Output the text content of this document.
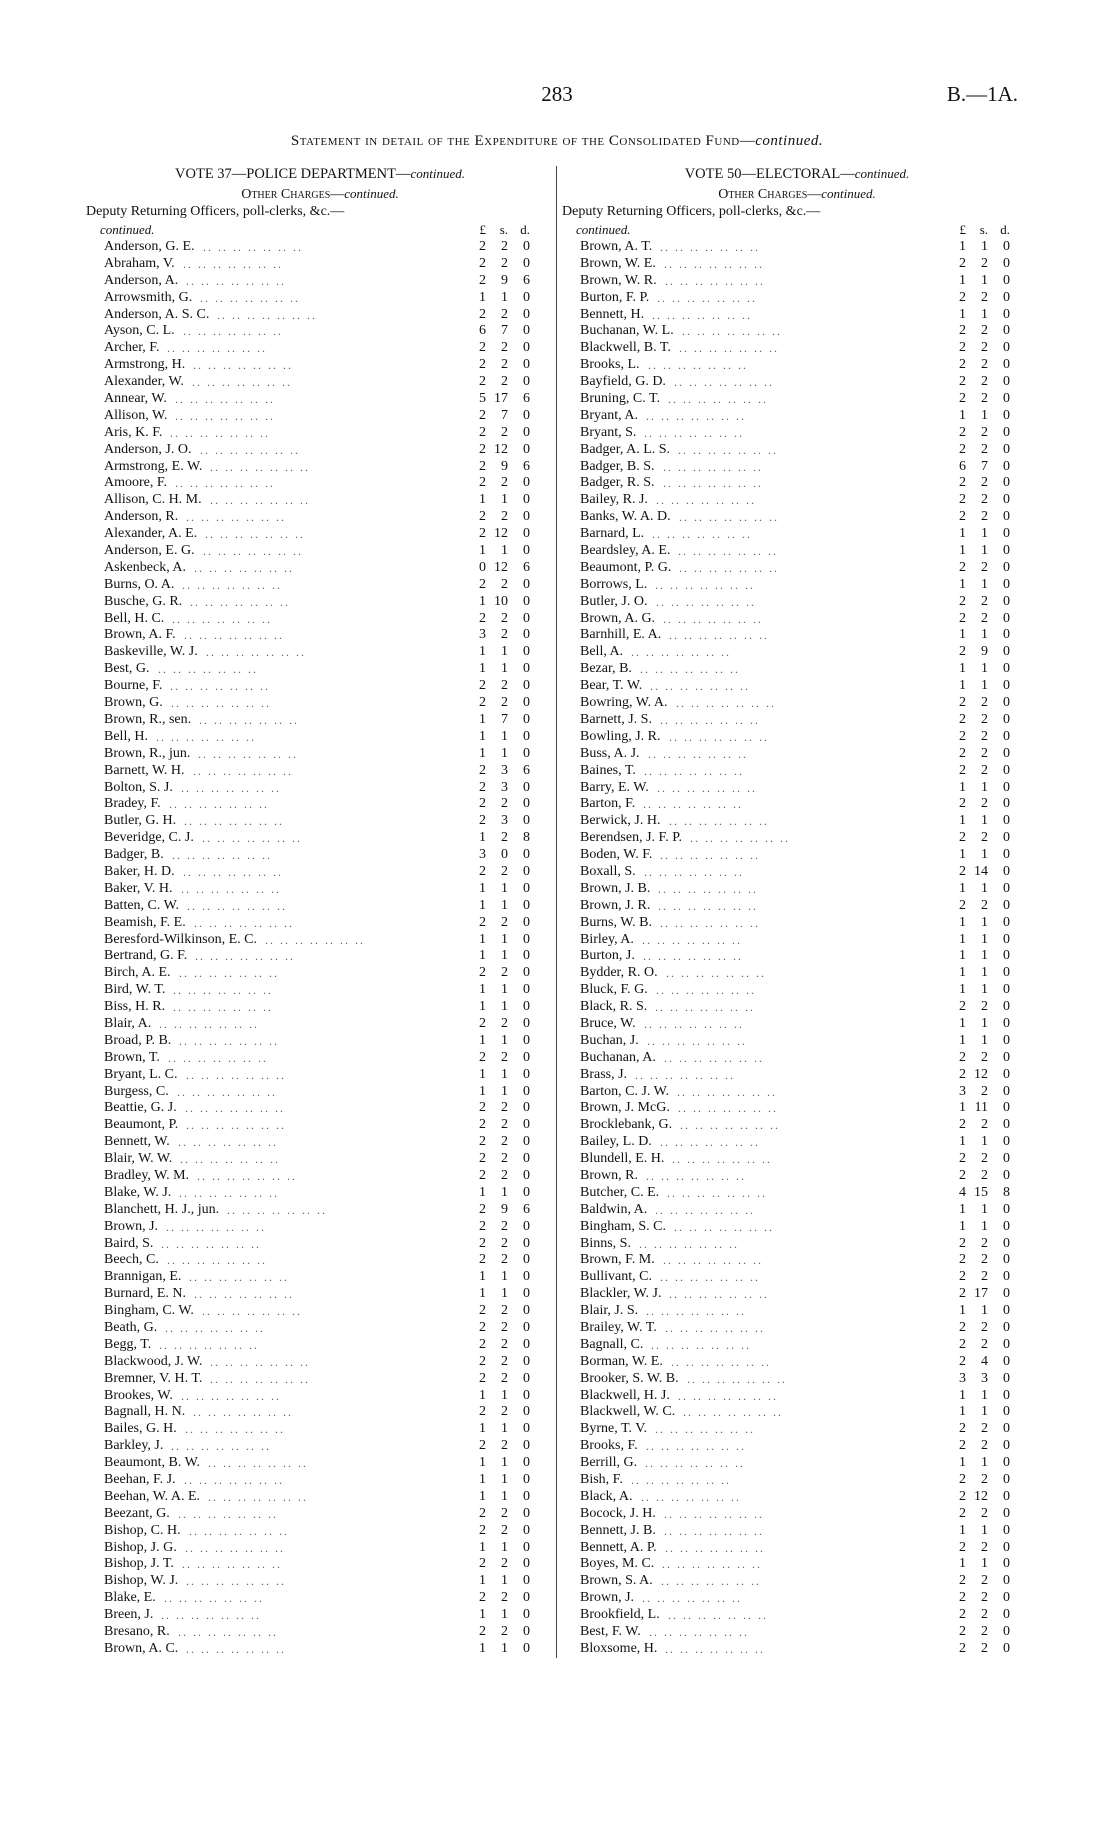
283	B.—1A.
Statement in detail of the Expenditure of the Consolidated Fund—continued.
VOTE 37—POLICE DEPARTMENT—continued.
Other Charges—continued.
Deputy Returning Officers, poll-clerks, &c.—
continued.	£	s. d.
Anderson, G. E. .. .. .. .. .. .. ..	2	2	0
Abraham, V. .. .. .. .. .. .. ..	2	2	0
Anderson, A. .. .. .. .. .. .. ..	2	9	6
Arrowsmith, G. .. .. .. .. .. .. ..	1	1	0
Anderson, A. S. C. .. .. .. .. .. .. ..	2	2	0
Ayson, C. L. .. .. .. .. .. .. ..	6	7	0
Archer, F. .. .. .. .. .. .. ..	2	2	0
Armstrong, H. .. .. .. .. .. .. ..	2	2	0
Alexander, W. .. .. .. .. .. .. ..	2	2	0
Annear, W. .. .. .. .. .. .. ..	5 17	6
Allison, W. .. .. .. .. .. .. ..	2	7	0
Aris, K. F. .. .. .. .. .. .. ..	2	2	0
Anderson, J. O. .. .. .. .. .. .. ..	2 12	0
Armstrong, E. W. .. .. .. .. .. .. ..	2	9	6
Amoore, F. .. .. .. .. .. .. ..	2	2	0
Allison, C. H. M. .. .. .. .. .. .. ..	1	1	0
Anderson, R. .. .. .. .. .. .. ..	2	2	0
Alexander, A. E. .. .. .. .. .. .. ..	2 12	0
Anderson, E. G. .. .. .. .. .. .. ..	1	1	0
Askenbeck, A. .. .. .. .. .. .. ..	0 12	6
Burns, O. A. .. .. .. .. .. .. ..	2	2	0
Busche, G. R. .. .. .. .. .. .. ..	1 10	0
Bell, H. C. .. .. .. .. .. .. ..	2	2	0
Brown, A. F. .. .. .. .. .. .. ..	3	2	0
Baskeville, W. J. .. .. .. .. .. .. ..	1	1	0
Best, G. .. .. .. .. .. .. ..	1	1	0
Bourne, F. .. .. .. .. .. .. ..	2	2	0
Brown, G. .. .. .. .. .. .. ..	2	2	0
Brown, R., sen. .. .. .. .. .. .. ..	1	7	0
Bell, H. .. .. .. .. .. .. ..	1	1	0
Brown, R., jun. .. .. .. .. .. .. ..	1	1	0
Barnett, W. H. .. .. .. .. .. .. ..	2	3	6
Bolton, S. J. .. .. .. .. .. .. ..	2	3	0
Bradey, F. .. .. .. .. .. .. ..	2	2	0
Butler, G. H. .. .. .. .. .. .. ..	2	3	0
Beveridge, C. J. .. .. .. .. .. .. ..	1	2	8
Badger, B. .. .. .. .. .. .. ..	3	0	0
Baker, H. D. .. .. .. .. .. .. ..	2	2	0
Baker, V. H. .. .. .. .. .. .. ..	1	1	0
Batten, C. W. .. .. .. .. .. .. ..	1	1	0
Beamish, F. E. .. .. .. .. .. .. ..	2	2	0
Beresford-Wilkinson, E. C. .. .. .. .. .. .. ..	1	1	0
Bertrand, G. F. .. .. .. .. .. .. ..	1	1	0
Birch, A. E. .. .. .. .. .. .. ..	2	2	0
Bird, W. T. .. .. .. .. .. .. ..	1	1	0
Biss, H. R. .. .. .. .. .. .. ..	1	1	0
Blair, A. .. .. .. .. .. .. ..	2	2	0
Broad, P. B. .. .. .. .. .. .. ..	1	1	0
Brown, T. .. .. .. .. .. .. ..	2	2	0
Bryant, L. C. .. .. .. .. .. .. ..	1	1	0
Burgess, C. .. .. .. .. .. .. ..	1	1	0
Beattie, G. J. .. .. .. .. .. .. ..	2	2	0
Beaumont, P. .. .. .. .. .. .. ..	2	2	0
Bennett, W. .. .. .. .. .. .. ..	2	2	0
Blair, W. W. .. .. .. .. .. .. ..	2	2	0
Bradley, W. M. .. .. .. .. .. .. ..	2	2	0
Blake, W. J. .. .. .. .. .. .. ..	1	1	0
Blanchett, H. J., jun. .. .. .. .. .. .. ..	2	9	6
Brown, J. .. .. .. .. .. .. ..	2	2	0
Baird, S. .. .. .. .. .. .. ..	2	2	0
Beech, C. .. .. .. .. .. .. ..	2	2	0
Brannigan, E. .. .. .. .. .. .. ..	1	1	0
Burnard, E. N. .. .. .. .. .. .. ..	1	1	0
Bingham, C. W. .. .. .. .. .. .. ..	2	2	0
Beath, G. .. .. .. .. .. .. ..	2	2	0
Begg, T. .. .. .. .. .. .. ..	2	2	0
Blackwood, J. W. .. .. .. .. .. .. ..	2	2	0
Bremner, V. H. T. .. .. .. .. .. .. ..	2	2	0
Brookes, W. .. .. .. .. .. .. ..	1	1	0
Bagnall, H. N. .. .. .. .. .. .. ..	2	2	0
Bailes, G. H. .. .. .. .. .. .. ..	1	1	0
Barkley, J. .. .. .. .. .. .. ..	2	2	0
Beaumont, B. W. .. .. .. .. .. .. ..	1	1	0
Beehan, F. J. .. .. .. .. .. .. ..	1	1	0
Beehan, W. A. E. .. .. .. .. .. .. ..	1	1	0
Beezant, G. .. .. .. .. .. .. ..	2	2	0
Bishop, C. H. .. .. .. .. .. .. ..	2	2	0
Bishop, J. G. .. .. .. .. .. .. ..	1	1	0
Bishop, J. T. .. .. .. .. .. .. ..	2	2	0
Bishop, W. J. .. .. .. .. .. .. ..	1	1	0
Blake, E. .. .. .. .. .. .. ..	2	2	0
Breen, J. .. .. .. .. .. .. ..	1	1	0
Bresano, R. .. .. .. .. .. .. ..	2	2	0
Brown, A. C. .. .. .. .. .. .. ..	1	1	0
VOTE 50—ELECTORAL—continued.
Other Charges—continued.
Deputy Returning Officers, poll-clerks, &c.—
continued.	£	s. d.
Brown, A. T. .. .. .. .. .. .. ..	1	1	0
Brown, W. E. .. .. .. .. .. .. ..	2	2	0
Brown, W. R. .. .. .. .. .. .. ..	1	1	0
Burton, F. P. .. .. .. .. .. .. ..	2	2	0
Bennett, H. .. .. .. .. .. .. ..	1	1	0
Buchanan, W. L. .. .. .. .. .. .. ..	2	2	0
Blackwell, B. T. .. .. .. .. .. .. ..	2	2	0
Brooks, L. .. .. .. .. .. .. ..	2	2	0
Bayfield, G. D. .. .. .. .. .. .. ..	2	2	0
Bruning, C. T. .. .. .. .. .. .. ..	2	2	0
Bryant, A. .. .. .. .. .. .. ..	1	1	0
Bryant, S. .. .. .. .. .. .. ..	2	2	0
Badger, A. L. S. .. .. .. .. .. .. ..	2	2	0
Badger, B. S. .. .. .. .. .. .. ..	6	7	0
Badger, R. S. .. .. .. .. .. .. ..	2	2	0
Bailey, R. J. .. .. .. .. .. .. ..	2	2	0
Banks, W. A. D. .. .. .. .. .. .. ..	2	2	0
Barnard, L. .. .. .. .. .. .. ..	1	1	0
Beardsley, A. E. .. .. .. .. .. .. ..	1	1	0
Beaumont, P. G. .. .. .. .. .. .. ..	2	2	0
Borrows, L. .. .. .. .. .. .. ..	1	1	0
Butler, J. O. .. .. .. .. .. .. ..	2	2	0
Brown, A. G. .. .. .. .. .. .. ..	2	2	0
Barnhill, E. A. .. .. .. .. .. .. ..	1	1	0
Bell, A. .. .. .. .. .. .. ..	2	9	0
Bezar, B. .. .. .. .. .. .. ..	1	1	0
Bear, T. W. .. .. .. .. .. .. ..	1	1	0
Bowring, W. A. .. .. .. .. .. .. ..	2	2	0
Barnett, J. S. .. .. .. .. .. .. ..	2	2	0
Bowling, J. R. .. .. .. .. .. .. ..	2	2	0
Buss, A. J. .. .. .. .. .. .. ..	2	2	0
Baines, T. .. .. .. .. .. .. ..	2	2	0
Barry, E. W. .. .. .. .. .. .. ..	1	1	0
Barton, F. .. .. .. .. .. .. ..	2	2	0
Berwick, J. H. .. .. .. .. .. .. ..	1	1	0
Berendsen, J. F. P. .. .. .. .. .. .. ..	2	2	0
Boden, W. F. .. .. .. .. .. .. ..	1	1	0
Boxall, S. .. .. .. .. .. .. ..	2 14	0
Brown, J. B. .. .. .. .. .. .. ..	1	1	0
Brown, J. R. .. .. .. .. .. .. ..	2	2	0
Burns, W. B. .. .. .. .. .. .. ..	1	1	0
Birley, A. .. .. .. .. .. .. ..	1	1	0
Burton, J. .. .. .. .. .. .. ..	1	1	0
Bydder, R. O. .. .. .. .. .. .. ..	1	1	0
Bluck, F. G. .. .. .. .. .. .. ..	1	1	0
Black, R. S. .. .. .. .. .. .. ..	2	2	0
Bruce, W. .. .. .. .. .. .. ..	1	1	0
Buchan, J. .. .. .. .. .. .. ..	1	1	0
Buchanan, A. .. .. .. .. .. .. ..	2	2	0
Brass, J. .. .. .. .. .. .. ..	2 12	0
Barton, C. J. W. .. .. .. .. .. .. ..	3	2	0
Brown, J. McG. .. .. .. .. .. .. ..	1 11	0
Brocklebank, G. .. .. .. .. .. .. ..	2	2	0
Bailey, L. D. .. .. .. .. .. .. ..	1	1	0
Blundell, E. H. .. .. .. .. .. .. ..	2	2	0
Brown, R. .. .. .. .. .. .. ..	2	2	0
Butcher, C. E. .. .. .. .. .. .. ..	4 15	8
Baldwin, A. .. .. .. .. .. .. ..	1	1	0
Bingham, S. C. .. .. .. .. .. .. ..	1	1	0
Binns, S. .. .. .. .. .. .. ..	2	2	0
Brown, F. M. .. .. .. .. .. .. ..	2	2	0
Bullivant, C. .. .. .. .. .. .. ..	2	2	0
Blackler, W. J. .. .. .. .. .. .. ..	2 17	0
Blair, J. S. .. .. .. .. .. .. ..	1	1	0
Brailey, W. T. .. .. .. .. .. .. ..	2	2	0
Bagnall, C. .. .. .. .. .. .. ..	2	2	0
Borman, W. E. .. .. .. .. .. .. ..	2	4	0
Brooker, S. W. B. .. .. .. .. .. .. ..	3	3	0
Blackwell, H. J. .. .. .. .. .. .. ..	1	1	0
Blackwell, W. C. .. .. .. .. .. .. ..	1	1	0
Byrne, T. V. .. .. .. .. .. .. ..	2	2	0
Brooks, F. .. .. .. .. .. .. ..	2	2	0
Berrill, G. .. .. .. .. .. .. ..	1	1	0
Bish, F. .. .. .. .. .. .. ..	2	2	0
Black, A. .. .. .. .. .. .. ..	2 12	0
Bocock, J. H. .. .. .. .. .. .. ..	2	2	0
Bennett, J. B. .. .. .. .. .. .. ..	1	1	0
Bennett, A. P. .. .. .. .. .. .. ..	2	2	0
Boyes, M. C. .. .. .. .. .. .. ..	1	1	0
Brown, S. A. .. .. .. .. .. .. ..	2	2	0
Brown, J. .. .. .. .. .. .. ..	2	2	0
Brookfield, L. .. .. .. .. .. .. ..	2	2	0
Best, F. W. .. .. .. .. .. .. ..	2	2	0
Bloxsome, H. .. .. .. .. .. .. ..	2	2	0
